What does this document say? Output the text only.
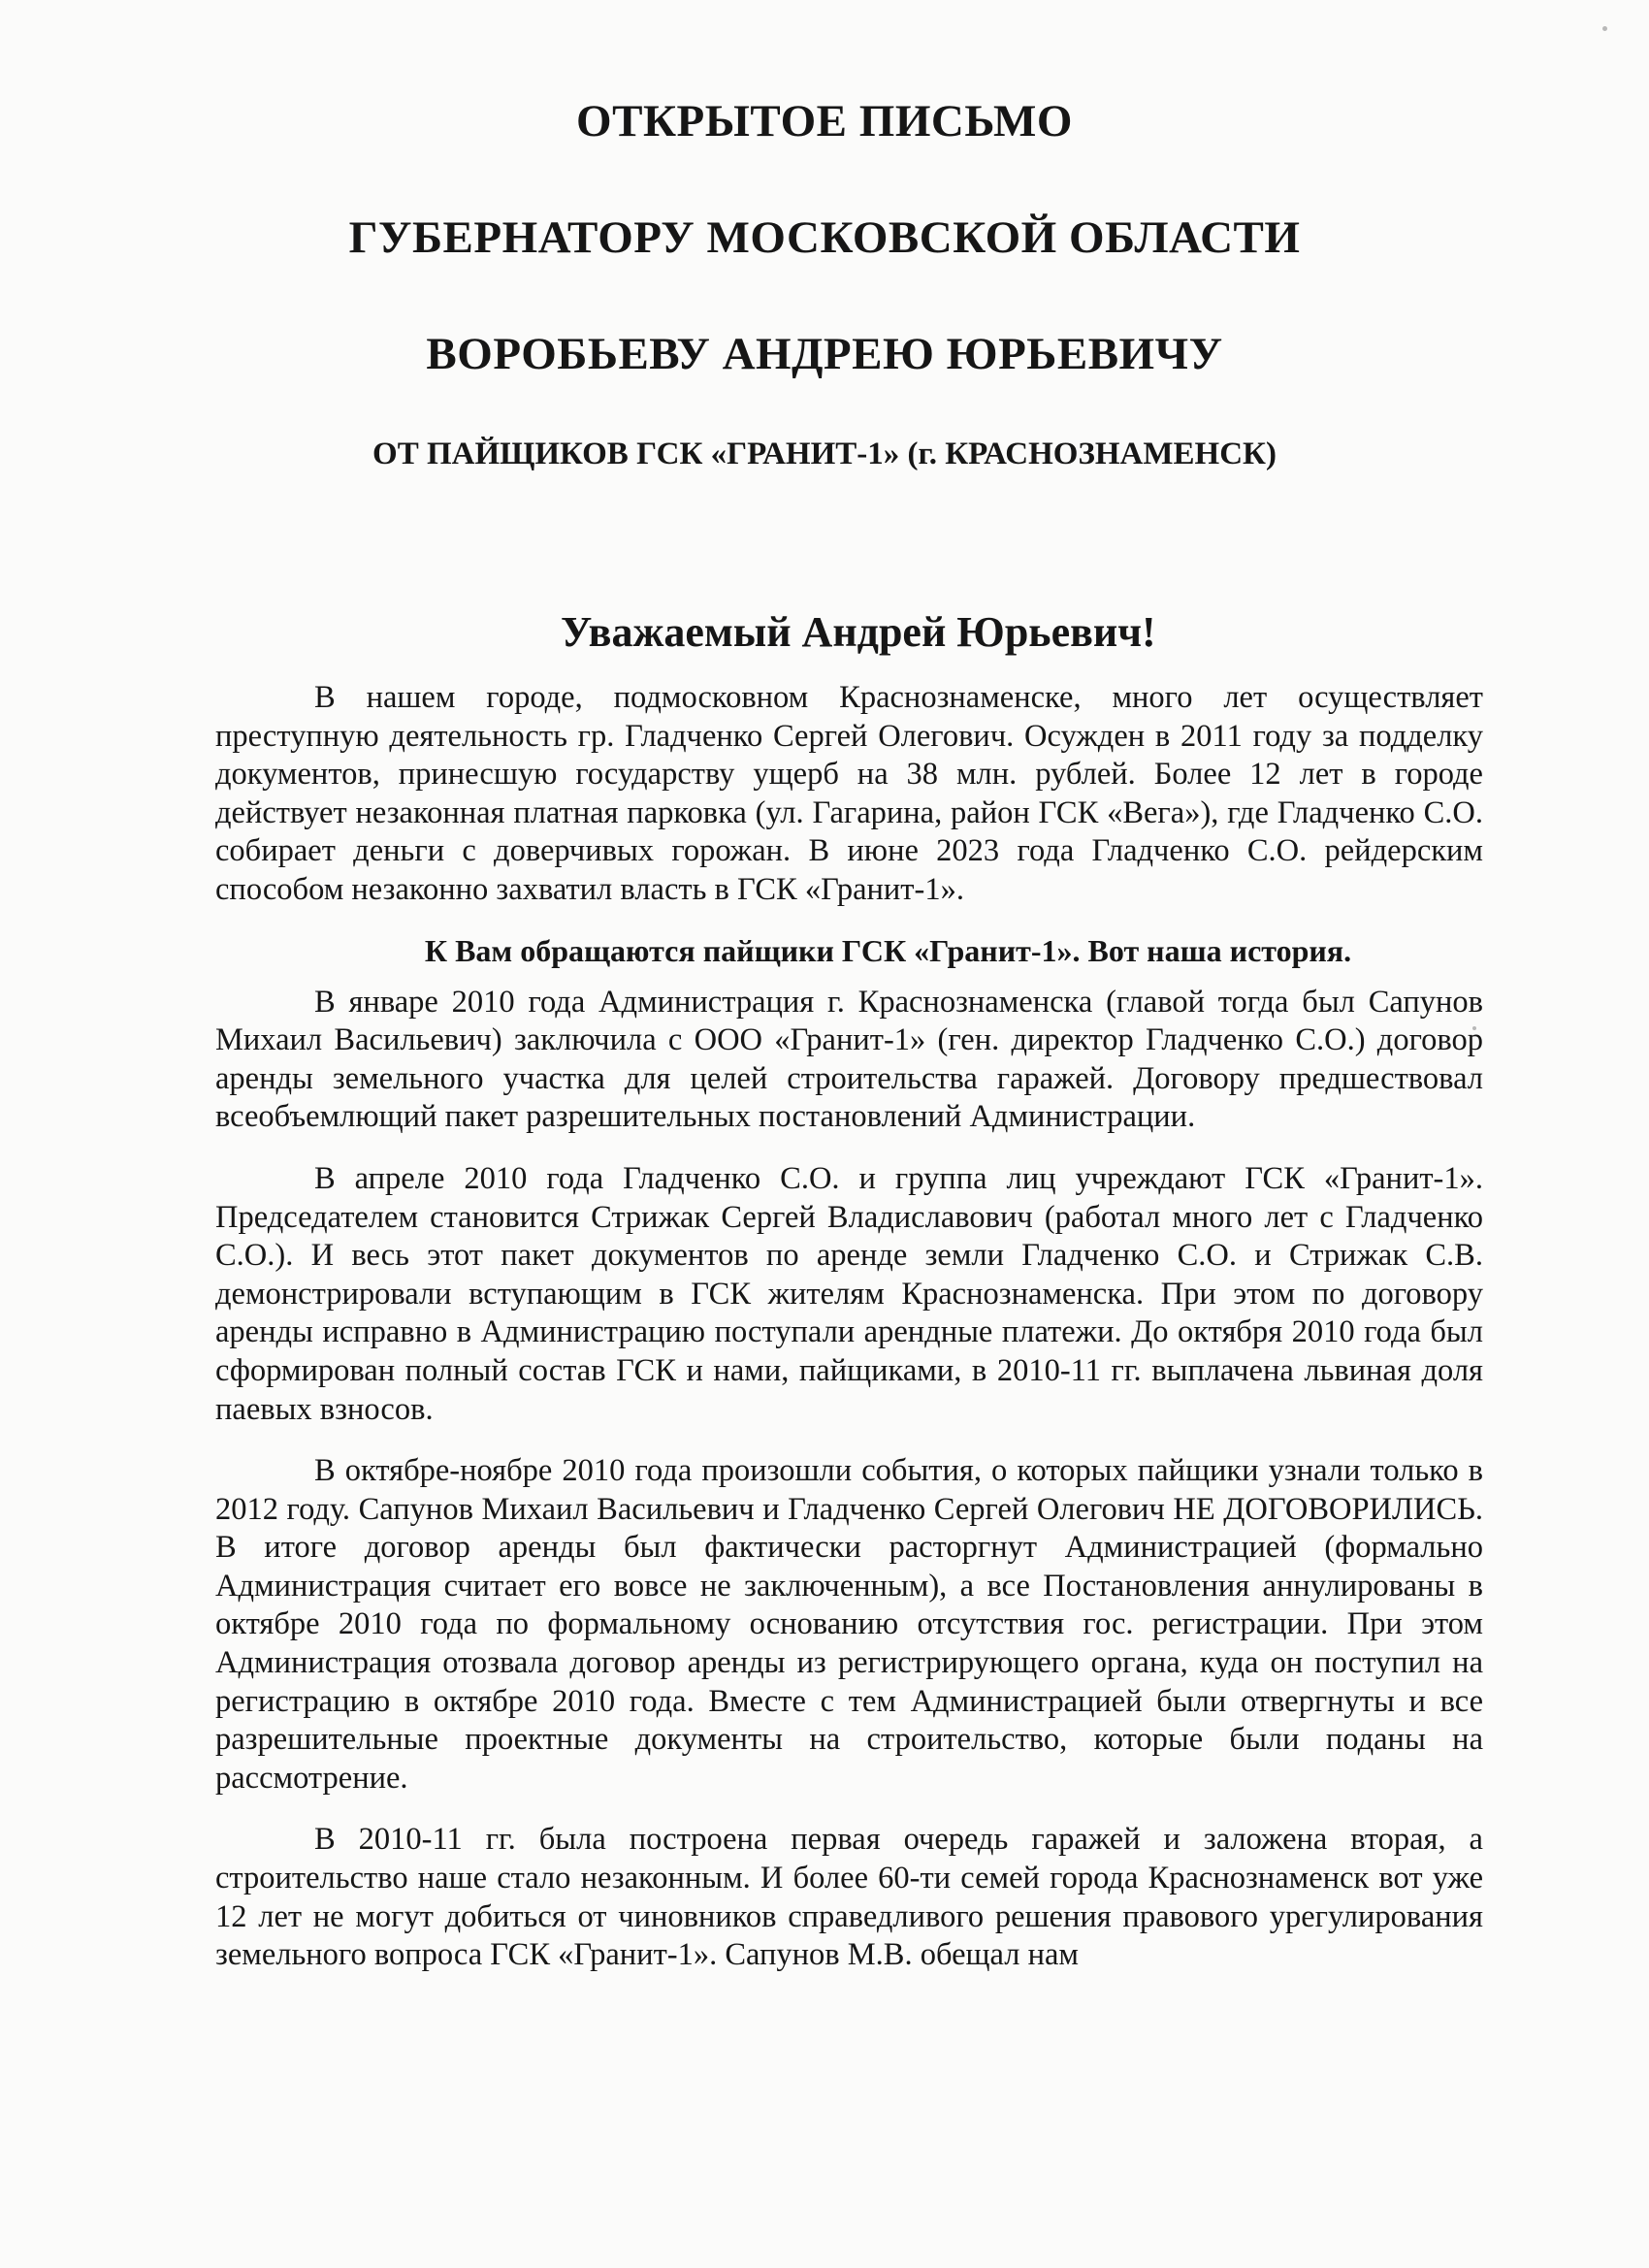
ОТКРЫТОЕ ПИСЬМО
ГУБЕРНАТОРУ МОСКОВСКОЙ ОБЛАСТИ
ВОРОБЬЕВУ АНДРЕЮ ЮРЬЕВИЧУ
ОТ ПАЙЩИКОВ ГСК «ГРАНИТ-1» (г. КРАСНОЗНАМЕНСК)
Уважаемый Андрей Юрьевич!

В нашем городе, подмосковном Краснознаменске, много лет осуществляет преступную деятельность гр. Гладченко Сергей Олегович. Осужден в 2011 году за подделку документов, принесшую государству ущерб на 38 млн. рублей. Более 12 лет в городе действует незаконная платная парковка (ул. Гагарина, район ГСК «Вега»), где Гладченко С.О. собирает деньги с доверчивых горожан. В июне 2023 года Гладченко С.О. рейдерским способом незаконно захватил власть в ГСК «Гранит-1».

К Вам обращаются пайщики ГСК «Гранит-1». Вот наша история.

В январе 2010 года Администрация г. Краснознаменска (главой тогда был Сапунов Михаил Васильевич) заключила с ООО «Гранит-1» (ген. директор Гладченко С.О.) договор аренды земельного участка для целей строительства гаражей. Договору предшествовал всеобъемлющий пакет разрешительных постановлений Администрации.

В апреле 2010 года Гладченко С.О. и группа лиц учреждают ГСК «Гранит-1». Председателем становится Стрижак Сергей Владиславович (работал много лет с Гладченко С.О.). И весь этот пакет документов по аренде земли Гладченко С.О. и Стрижак С.В. демонстрировали вступающим в ГСК жителям Краснознаменска. При этом по договору аренды исправно в Администрацию поступали арендные платежи. До октября 2010 года был сформирован полный состав ГСК и нами, пайщиками, в 2010-11 гг. выплачена львиная доля паевых взносов.

В октябре-ноябре 2010 года произошли события, о которых пайщики узнали только в 2012 году. Сапунов Михаил Васильевич и Гладченко Сергей Олегович НЕ ДОГОВОРИЛИСЬ. В итоге договор аренды был фактически расторгнут Администрацией (формально Администрация считает его вовсе не заключенным), а все Постановления аннулированы в октябре 2010 года по формальному основанию отсутствия гос. регистрации. При этом Администрация отозвала договор аренды из регистрирующего органа, куда он поступил на регистрацию в октябре 2010 года. Вместе с тем Администрацией были отвергнуты и все разрешительные проектные документы на строительство, которые были поданы на рассмотрение.

В 2010-11 гг. была построена первая очередь гаражей и заложена вторая, а строительство наше стало незаконным. И более 60-ти семей города Краснознаменск вот уже 12 лет не могут добиться от чиновников справедливого решения правового урегулирования земельного вопроса ГСК «Гранит-1». Сапунов М.В. обещал нам
